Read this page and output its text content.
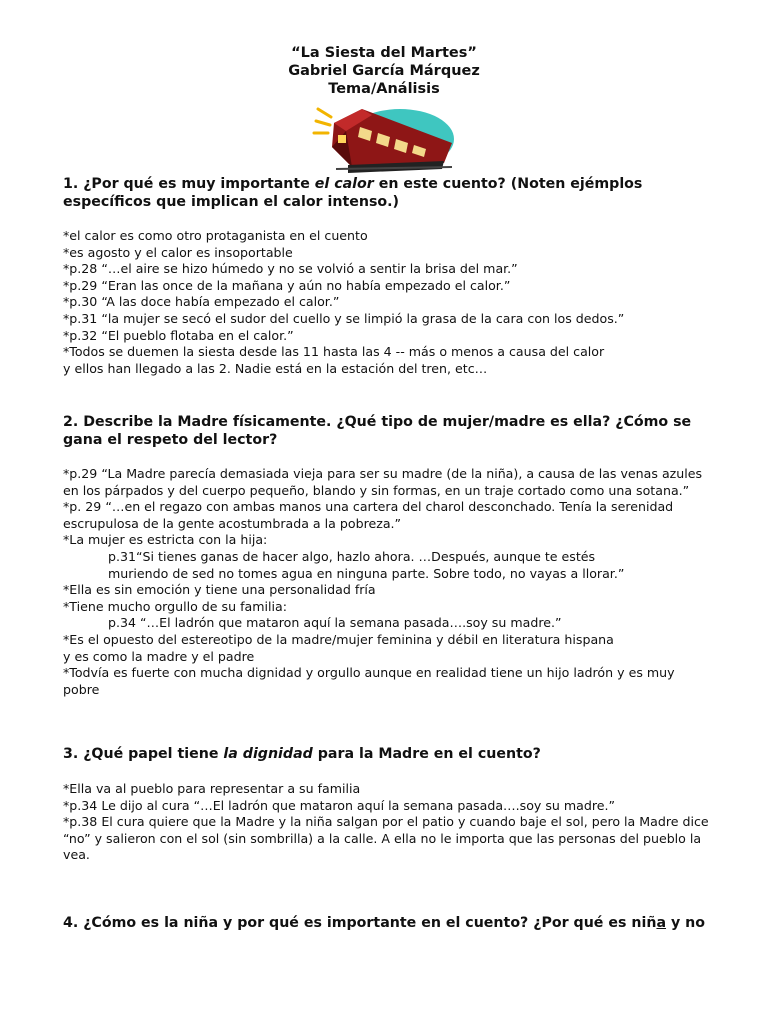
“La Siesta del Martes”
Gabriel García Márquez
Tema/Análisis
1. ¿Por qué es muy importante el calor en este cuento? (Noten ejémplos específicos que implican el calor intenso.)
*el calor es como otro protaganista en el cuento
*es agosto y el calor es insoportable
*p.28 “…el aire se hizo húmedo y no se volvió a sentir la brisa del mar.”
*p.29 “Eran las once de la mañana y aún no había empezado el calor.”
*p.30 “A las doce había empezado el calor.”
*p.31 “la mujer se secó el sudor del cuello y se limpió la grasa de la cara con los dedos.”
*p.32 “El pueblo flotaba en el calor.”
*Todos se duemen la siesta desde las 11 hasta las 4 -- más o menos a causa del calor
y ellos han llegado a las 2. Nadie está en la estación del tren, etc…
2. Describe la Madre físicamente. ¿Qué tipo de mujer/madre es ella? ¿Cómo se gana el respeto del lector?
*p.29 “La Madre parecía demasiada vieja para ser su madre (de la niña), a causa de las venas azules en los párpados y del cuerpo pequeño, blando y sin formas, en un traje cortado como una sotana.”
*p. 29 “…en el regazo con ambas manos una cartera del charol desconchado. Tenía la serenidad escrupulosa de la gente acostumbrada a la pobreza.”
*La mujer es estricta con la hija:
p.31“Si tienes ganas de hacer algo, hazlo ahora. …Después, aunque te estés
muriendo de sed no tomes agua en ninguna parte. Sobre todo, no vayas a llorar.”
*Ella es sin emoción y tiene una personalidad fría
*Tiene mucho orgullo de su familia:
p.34 “…El ladrón que mataron aquí la semana pasada….soy su madre.”
*Es el opuesto del estereotipo de la madre/mujer feminina y débil en literatura hispana
y es como la madre y el padre
*Todvía es fuerte con mucha dignidad y orgullo aunque en realidad tiene un hijo ladrón y es muy pobre
3. ¿Qué papel tiene la dignidad para la Madre en el cuento?
*Ella va al pueblo para representar a su familia
*p.34 Le dijo al cura “…El ladrón que mataron aquí la semana pasada….soy su madre.”
*p.38 El cura quiere que la Madre y la niña salgan por el patio y cuando baje el sol, pero la Madre dice “no” y salieron con el sol (sin sombrilla) a la calle. A ella no le importa que las personas del pueblo la vea.
4. ¿Cómo es la niña y por qué es importante en el cuento? ¿Por qué es niña y no
